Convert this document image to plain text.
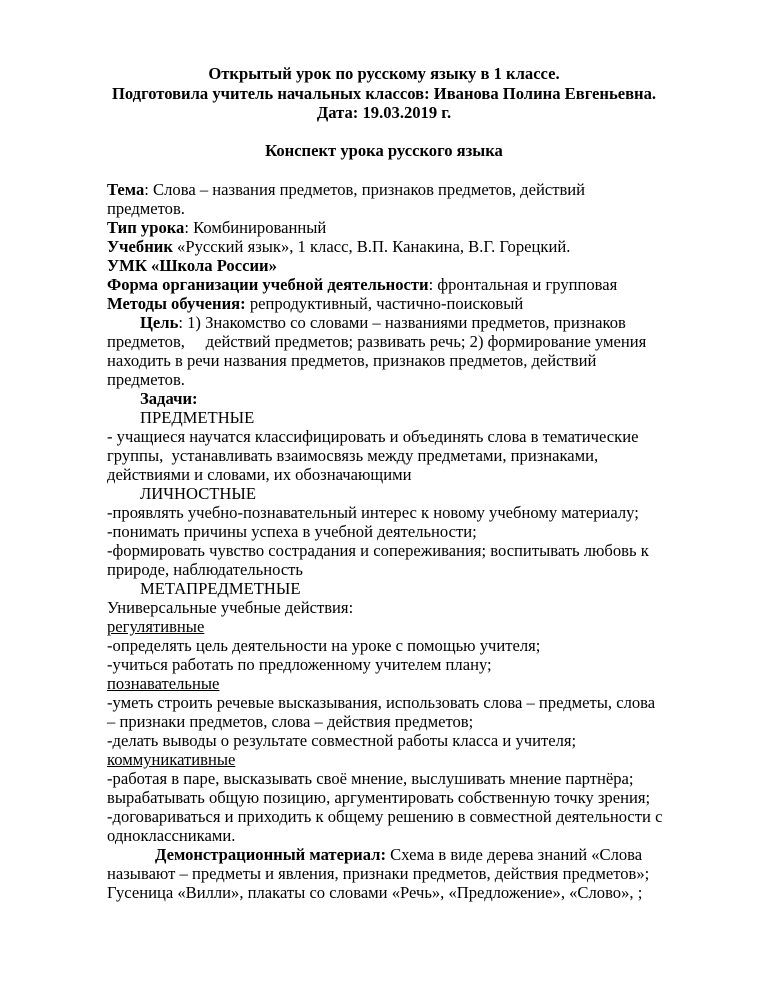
Открытый урок по русскому языку в 1 классе.
Подготовила учитель начальных классов: Иванова Полина Евгеньевна.
Дата: 19.03.2019 г.
Конспект урока русского языка
Тема: Слова – названия предметов, признаков предметов, действий
предметов.
Тип урока: Комбинированный
Учебник «Русский язык», 1 класс, В.П. Канакина, В.Г. Горецкий.
УМК «Школа России»
Форма организации учебной деятельности: фронтальная и групповая
Методы обучения: репродуктивный, частично-поисковый
Цель: 1) Знакомство со словами – названиями предметов, признаков
предметов,     действий предметов; развивать речь; 2) формирование умения
находить в речи названия предметов, признаков предметов, действий
предметов.
Задачи:
ПРЕДМЕТНЫЕ
- учащиеся научатся классифицировать и объединять слова в тематические
группы,  устанавливать взаимосвязь между предметами, признаками,
действиями и словами, их обозначающими
ЛИЧНОСТНЫЕ
-проявлять учебно-познавательный интерес к новому учебному материалу;
-понимать причины успеха в учебной деятельности;
-формировать чувство сострадания и сопереживания; воспитывать любовь к
природе, наблюдательность
МЕТАПРЕДМЕТНЫЕ
Универсальные учебные действия:
регулятивные
-определять цель деятельности на уроке с помощью учителя;
-учиться работать по предложенному учителем плану;
познавательные
-уметь строить речевые высказывания, использовать слова – предметы, слова
– признаки предметов, слова – действия предметов;
-делать выводы о результате совместной работы класса и учителя;
коммуникативные
-работая в паре, высказывать своё мнение, выслушивать мнение партнёра;
вырабатывать общую позицию, аргументировать собственную точку зрения;
-договариваться и приходить к общему решению в совместной деятельности с
одноклассниками.
Демонстрационный материал: Схема в виде дерева знаний «Слова
называют – предметы и явления, признаки предметов, действия предметов»;
Гусеница «Вилли», плакаты со словами «Речь», «Предложение», «Слово», ;
